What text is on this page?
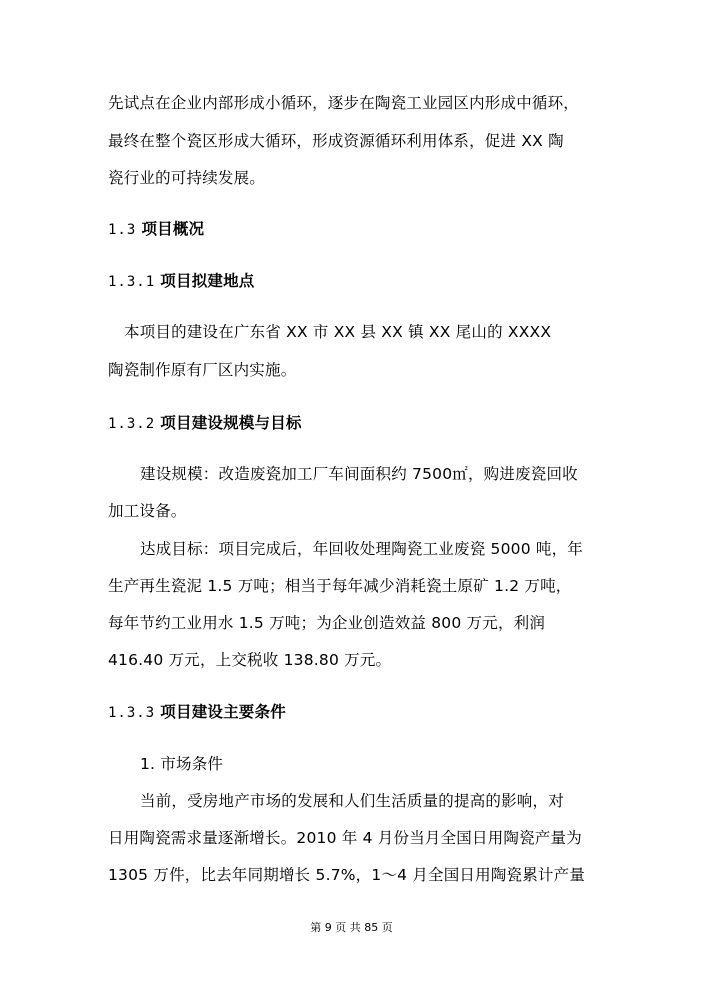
先试点在企业内部形成小循环，逐步在陶瓷工业园区内形成中循环，
最终在整个瓷区形成大循环，形成资源循环利用体系，促进 XX 陶
瓷行业的可持续发展。
1.3 项目概况
1.3.1 项目拟建地点
本项目的建设在广东省 XX 市 XX 县 XX 镇 XX 尾山的 XXXX
陶瓷制作原有厂区内实施。
1.3.2 项目建设规模与目标
建设规模：改造废瓷加工厂车间面积约 7500㎡，购进废瓷回收
加工设备。
达成目标：项目完成后，年回收处理陶瓷工业废瓷 5000 吨，年
生产再生瓷泥 1.5 万吨；相当于每年减少消耗瓷土原矿 1.2 万吨，
每年节约工业用水 1.5 万吨；为企业创造效益 800 万元，利润
416.40 万元，上交税收 138.80 万元。
1.3.3 项目建设主要条件
1. 市场条件
当前，受房地产市场的发展和人们生活质量的提高的影响，对
日用陶瓷需求量逐渐增长。2010 年 4 月份当月全国日用陶瓷产量为
1305 万件，比去年同期增长 5.7%，1～4 月全国日用陶瓷累计产量
第 9 页 共 85 页
